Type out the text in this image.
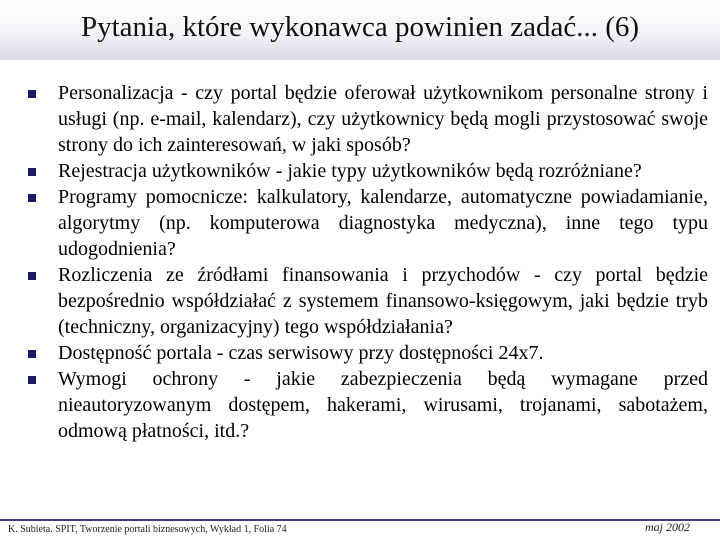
Pytania, które wykonawca powinien zadać... (6)
Personalizacja - czy portal będzie oferował użytkownikom personalne strony i usługi (np. e-mail, kalendarz), czy użytkownicy będą mogli przystosować swoje strony do ich zainteresowań, w jaki sposób?
Rejestracja użytkowników - jakie typy użytkowników będą rozróżniane?
Programy pomocnicze: kalkulatory, kalendarze, automatyczne powiadamianie, algorytmy (np. komputerowa diagnostyka medyczna), inne tego typu udogodnienia?
Rozliczenia ze źródłami finansowania i przychodów - czy portal będzie bezpośrednio współdziałać z systemem finansowo-księgowym, jaki będzie tryb (techniczny, organizacyjny) tego współdziałania?
Dostępność portala - czas serwisowy przy dostępności 24x7.
Wymogi ochrony - jakie zabezpieczenia będą wymagane przed nieautoryzowanym dostępem, hakerami, wirusami, trojanami, sabotażem, odmową płatności, itd.?
K. Subieta. SPIT, Tworzenie portali biznesowych, Wykład 1, Folia 74	maj 2002
